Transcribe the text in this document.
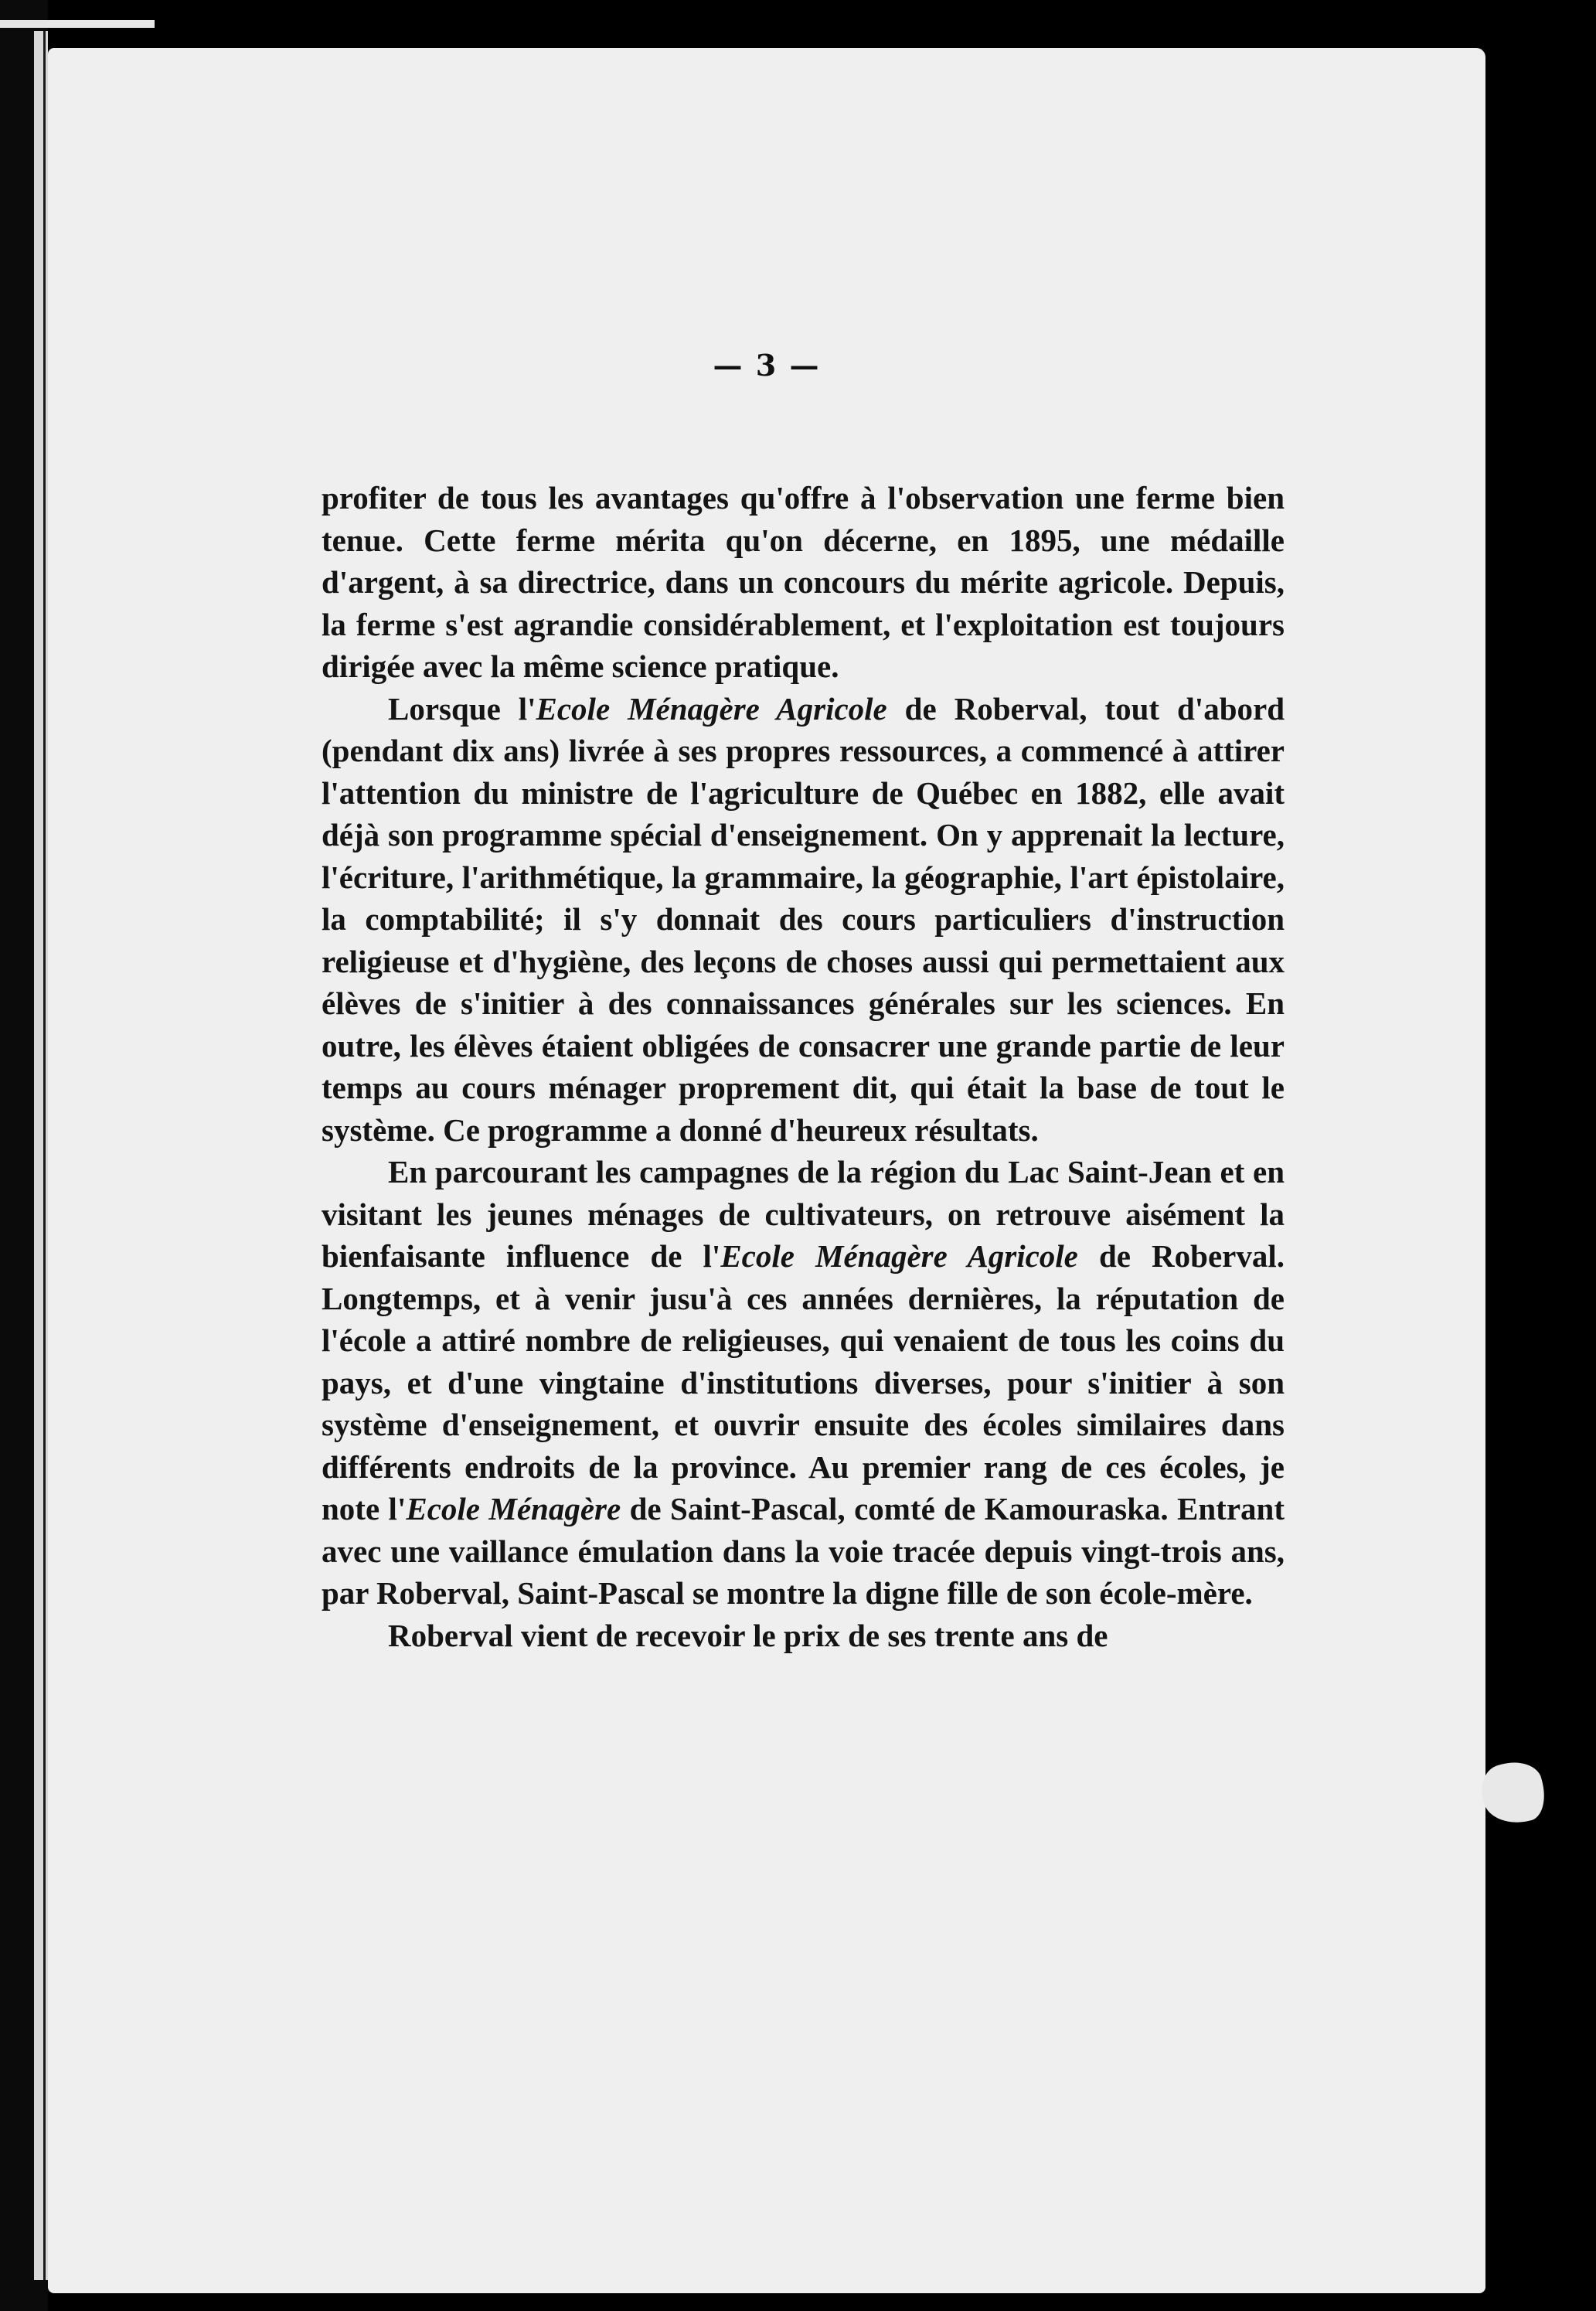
— 3 —

profiter de tous les avantages qu'offre à l'observation une ferme bien tenue. Cette ferme mérita qu'on décerne, en 1895, une médaille d'argent, à sa directrice, dans un concours du mérite agricole. Depuis, la ferme s'est agrandie considérablement, et l'exploitation est toujours dirigée avec la même science pratique.

Lorsque l'Ecole Ménagère Agricole de Roberval, tout d'abord (pendant dix ans) livrée à ses propres ressources, a commencé à attirer l'attention du ministre de l'agriculture de Québec en 1882, elle avait déjà son programme spécial d'enseignement. On y apprenait la lecture, l'écriture, l'arithmétique, la grammaire, la géographie, l'art épistolaire, la comptabilité; il s'y donnait des cours particuliers d'instruction religieuse et d'hygiène, des leçons de choses aussi qui permettaient aux élèves de s'initier à des connaissances générales sur les sciences. En outre, les élèves étaient obligées de consacrer une grande partie de leur temps au cours ménager proprement dit, qui était la base de tout le système. Ce programme a donné d'heureux résultats.

En parcourant les campagnes de la région du Lac Saint-Jean et en visitant les jeunes ménages de cultivateurs, on retrouve aisément la bienfaisante influence de l'Ecole Ménagère Agricole de Roberval. Longtemps, et à venir jusu'à ces années dernières, la réputation de l'école a attiré nombre de religieuses, qui venaient de tous les coins du pays, et d'une vingtaine d'institutions diverses, pour s'initier à son système d'enseignement, et ouvrir ensuite des écoles similaires dans différents endroits de la province. Au premier rang de ces écoles, je note l'Ecole Ménagère de Saint-Pascal, comté de Kamouraska. Entrant avec une vaillance émulation dans la voie tracée depuis vingt-trois ans, par Roberval, Saint-Pascal se montre la digne fille de son école-mère.

Roberval vient de recevoir le prix de ses trente ans de
